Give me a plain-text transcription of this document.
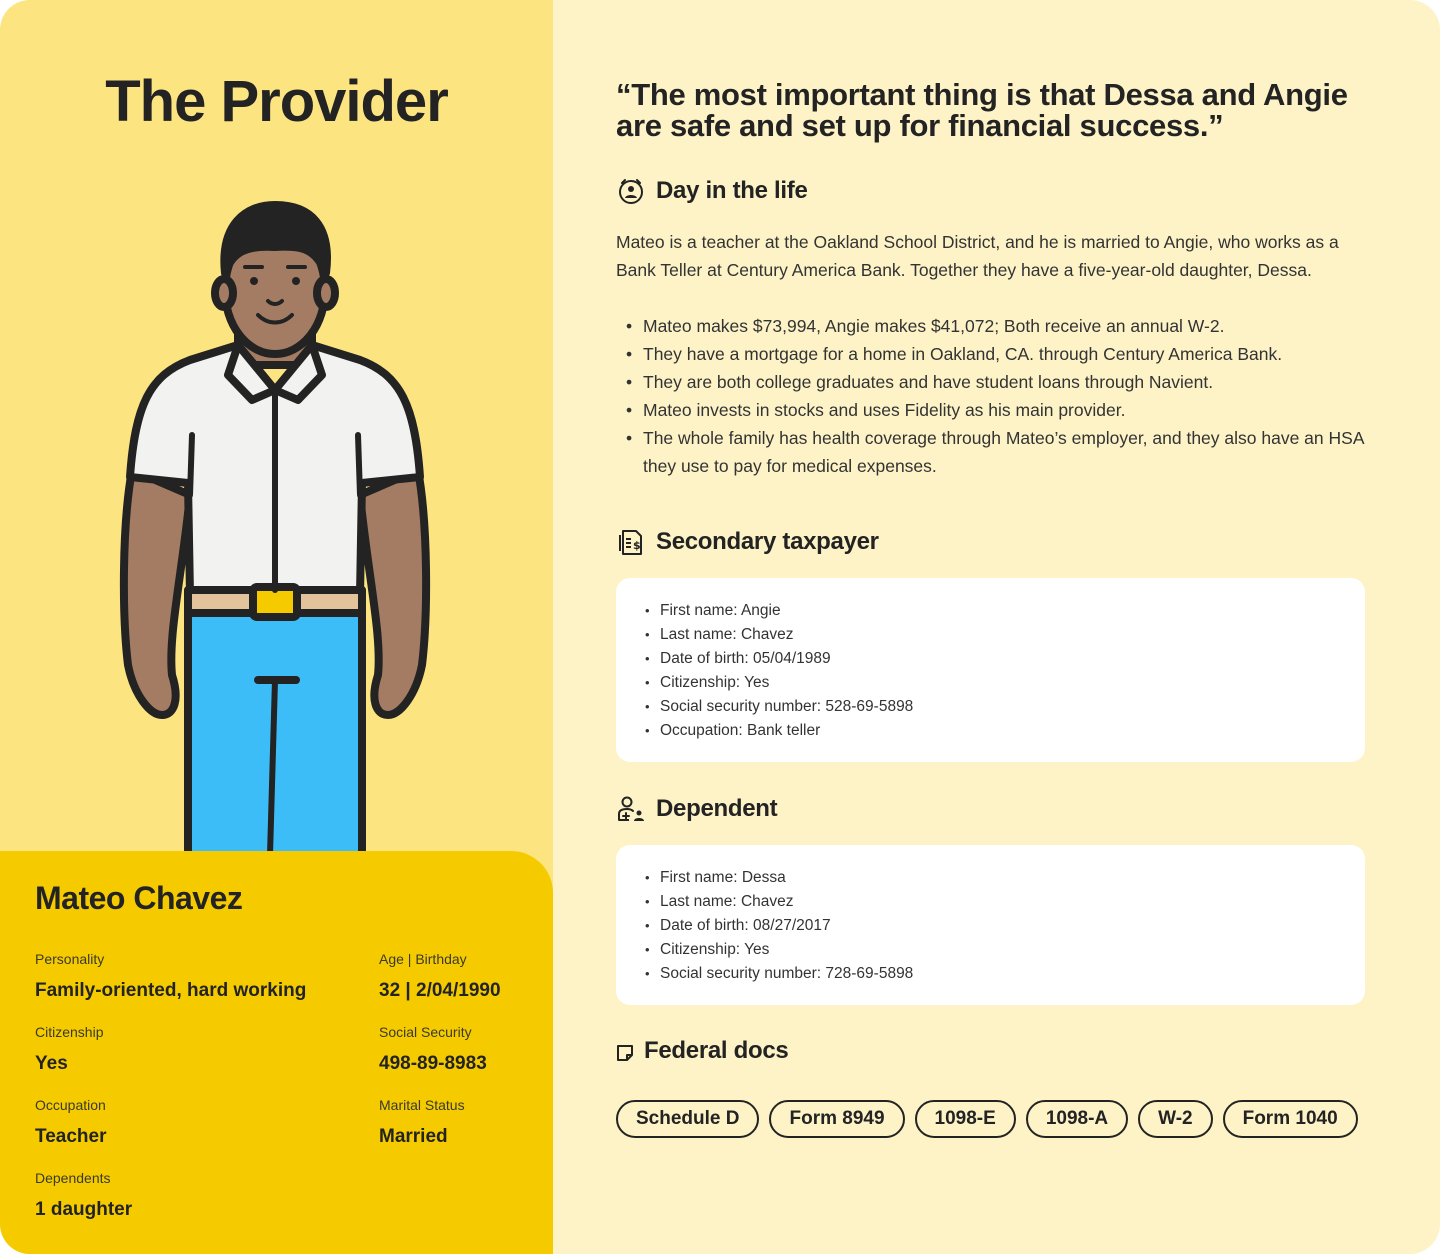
The Provider
Mateo Chavez
Personality
Family-oriented, hard working
Age | Birthday
32 | 2/04/1990
Citizenship
Yes
Social Security
498-89-8983
Occupation
Teacher
Marital Status
Married
Dependents
1 daughter
“The most important thing is that Dessa and Angie are safe and set up for financial success.”
Day in the life

Mateo is a teacher at the Oakland School District, and he is married to Angie, who works as a Bank Teller at Century America Bank. Together they have a five-year-old daughter, Dessa.

• Mateo makes $73,994, Angie makes $41,072; Both receive an annual W-2.
• They have a mortgage for a home in Oakland, CA. through Century America Bank.
• They are both college graduates and have student loans through Navient.
• Mateo invests in stocks and uses Fidelity as his main provider.
• The whole family has health coverage through Mateo’s employer, and they also have an HSA they use to pay for medical expenses.
$ Secondary taxpayer
• First name: Angie
• Last name: Chavez
• Date of birth: 05/04/1989
• Citizenship: Yes
• Social security number: 528-69-5898
• Occupation: Bank teller
Dependent
• First name: Dessa
• Last name: Chavez
• Date of birth: 08/27/2017
• Citizenship: Yes
• Social security number: 728-69-5898
Federal docs
Schedule D	Form 8949	1098-E	1098-A	W-2	Form 1040
